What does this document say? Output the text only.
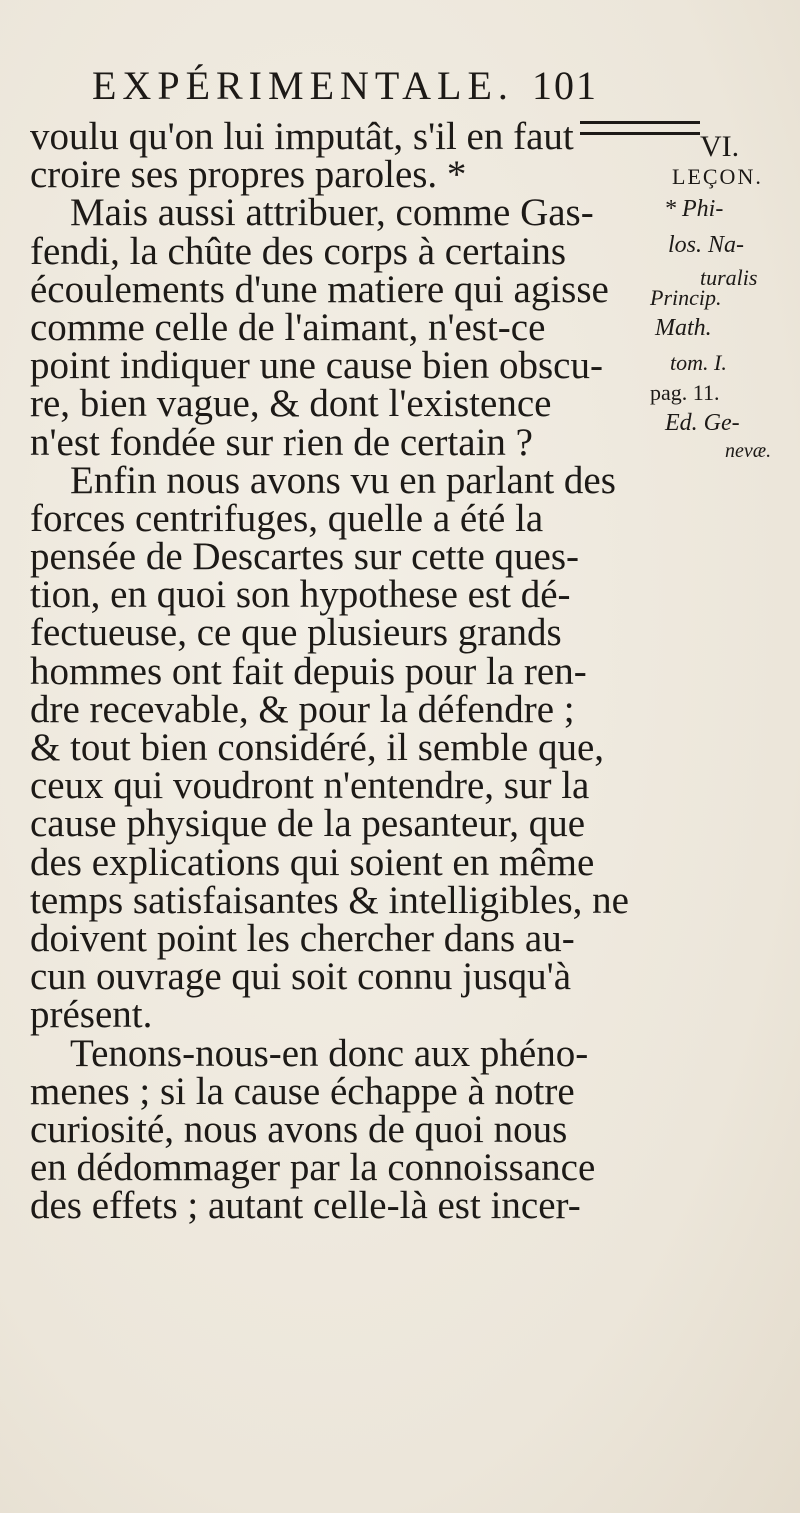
EXPÉRIMENTALE. 101
voulu qu'on lui imputât, s'il en faut
croire ses propres paroles. *
Mais aussi attribuer, comme Gas-
fendi, la chûte des corps à certains
écoulements d'une matiere qui agisse
comme celle de l'aimant, n'est-ce
point indiquer une cause bien obscu-
re, bien vague, & dont l'existence
n'est fondée sur rien de certain ?
Enfin nous avons vu en parlant des
forces centrifuges, quelle a été la
pensée de Descartes sur cette ques-
tion, en quoi son hypothese est dé-
fectueuse, ce que plusieurs grands
hommes ont fait depuis pour la ren-
dre recevable, & pour la défendre ;
& tout bien considéré, il semble que,
ceux qui voudront n'entendre, sur la
cause physique de la pesanteur, que
des explications qui soient en même
temps satisfaisantes & intelligibles, ne
doivent point les chercher dans au-
cun ouvrage qui soit connu jusqu'à
présent.
Tenons-nous-en donc aux phéno-
menes ; si la cause échappe à notre
curiosité, nous avons de quoi nous
en dédommager par la connoissance
des effets ; autant celle-là est incer-
VI.
LEÇON.
* Phi-
los. Na-
turalis
Princip.
Math.
tom. I.
pag. 11.
Ed. Ge-
nevæ.
